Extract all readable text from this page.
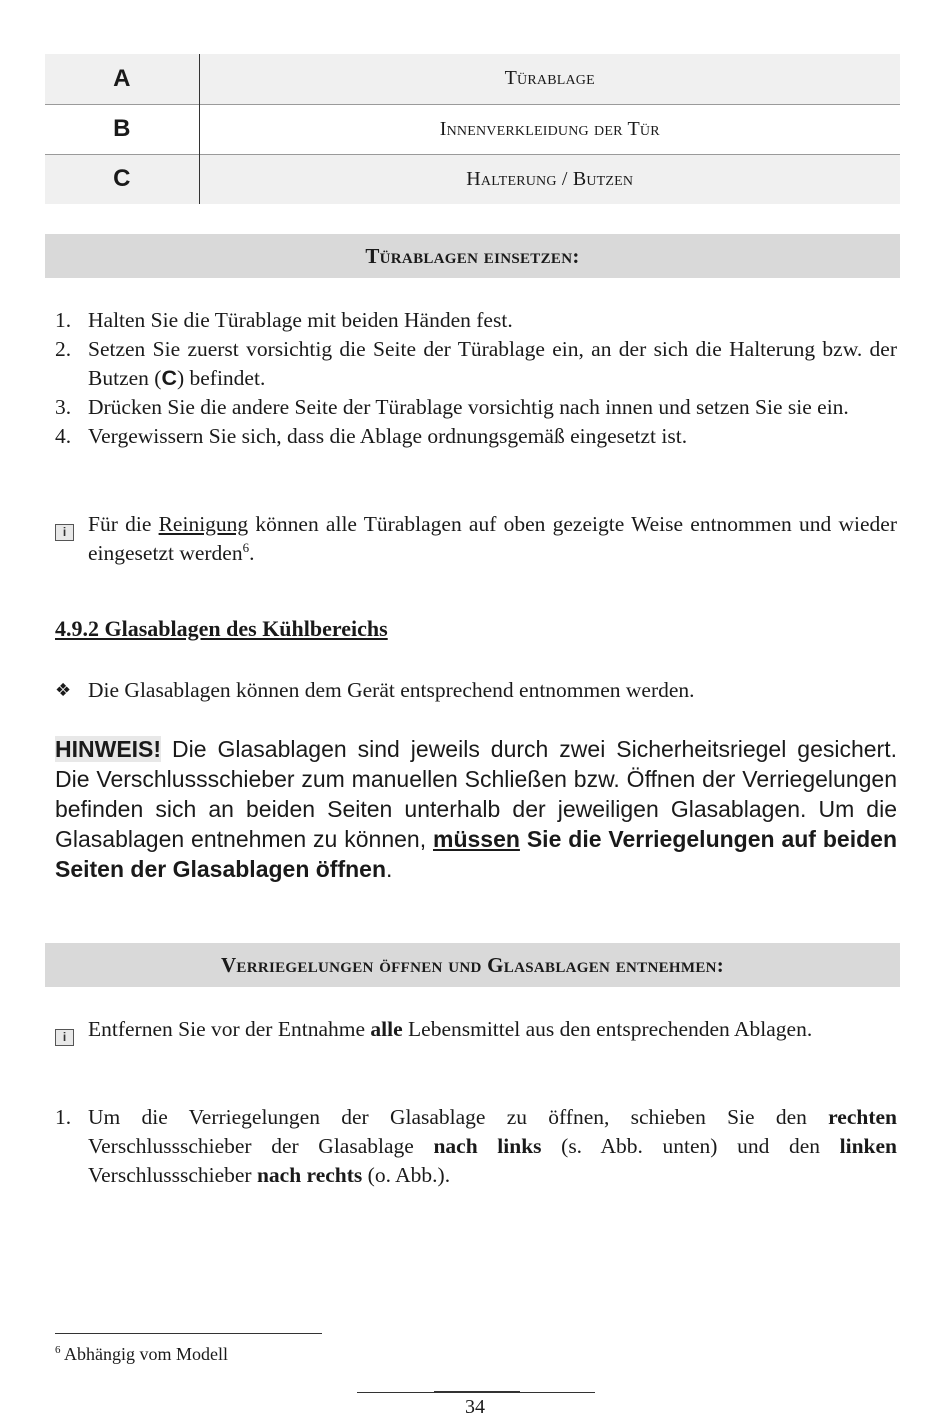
A	Türablage
B	Innenverkleidung der Tür
C	Halterung / Butzen
Türablagen einsetzen:
1. Halten Sie die Türablage mit beiden Händen fest.
2. Setzen Sie zuerst vorsichtig die Seite der Türablage ein, an der sich die Halterung bzw. der Butzen (C) befindet.
3. Drücken Sie die andere Seite der Türablage vorsichtig nach innen und setzen Sie sie ein.
4. Vergewissern Sie sich, dass die Ablage ordnungsgemäß eingesetzt ist.
i	Für die Reinigung können alle Türablagen auf oben gezeigte Weise entnommen und wieder eingesetzt werden$^6$.
4.9.2 Glasablagen des Kühlbereichs
❖ Die Glasablagen können dem Gerät entsprechend entnommen werden.
HINWEIS! Die Glasablagen sind jeweils durch zwei Sicherheitsriegel gesichert. Die Verschlussschieber zum manuellen Schließen bzw. Öffnen der Verriegelungen befinden sich an beiden Seiten unterhalb der jeweiligen Glasablagen. Um die Glasablagen entnehmen zu können, müssen Sie die Verriegelungen auf beiden Seiten der Glasablagen öffnen.
Verriegelungen öffnen und Glasablagen entnehmen:
i	Entfernen Sie vor der Entnahme alle Lebensmittel aus den entsprechenden Ablagen.
1. Um die Verriegelungen der Glasablage zu öffnen, schieben Sie den rechten Verschlussschieber der Glasablage nach links (s. Abb. unten) und den linken Verschlussschieber nach rechts (o. Abb.).
$^6$ Abhängig vom Modell
34
